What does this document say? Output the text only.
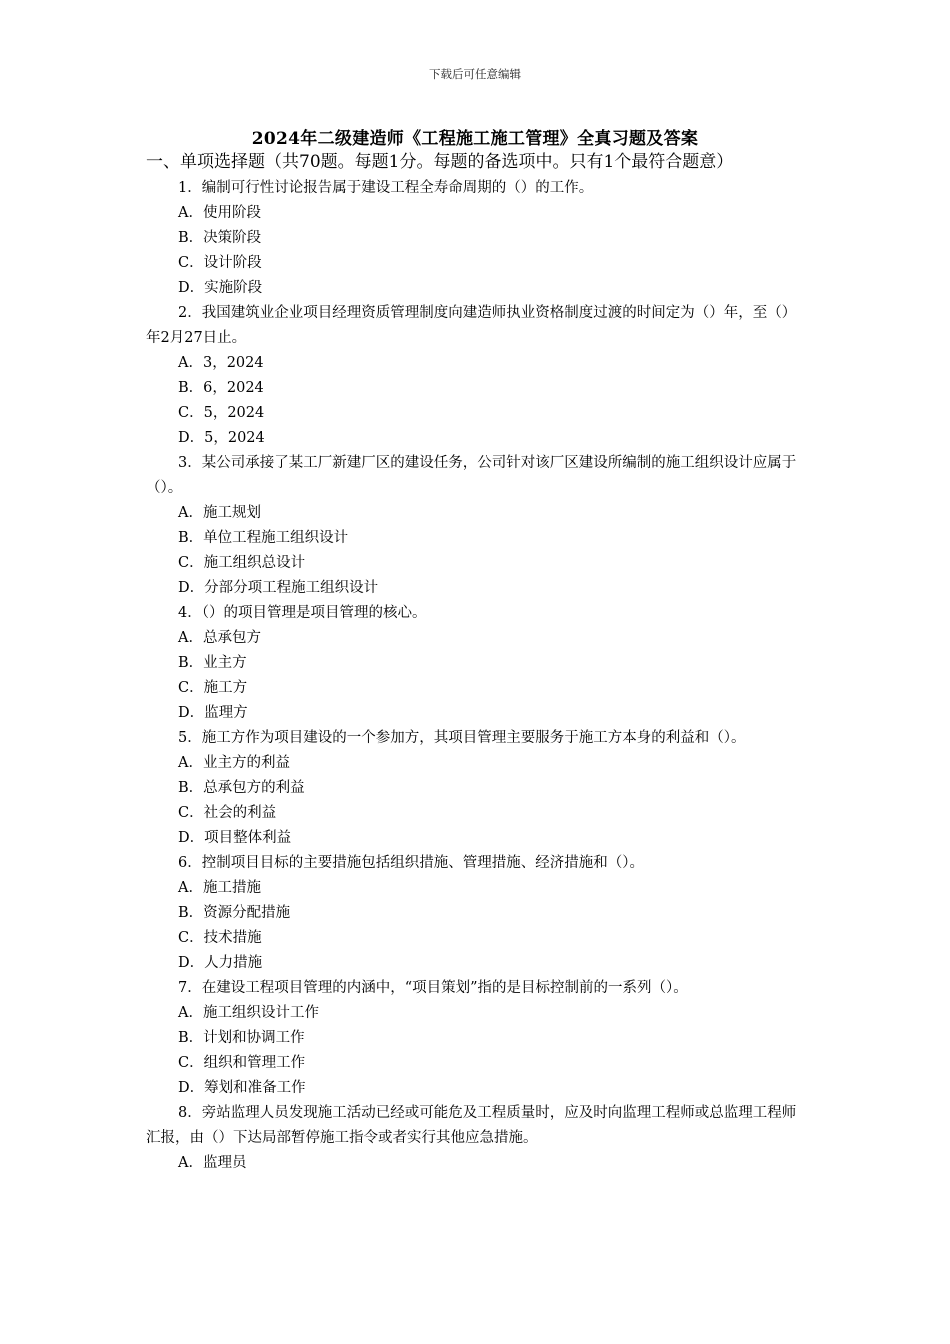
下载后可任意编辑
2024年二级建造师《工程施工施工管理》全真习题及答案

一、单项选择题（共70题。每题1分。每题的备选项中。只有1个最符合题意）

1．编制可行性讨论报告属于建设工程全寿命周期的（）的工作。

A．使用阶段

B．决策阶段

C．设计阶段

D．实施阶段

2．我国建筑业企业项目经理资质管理制度向建造师执业资格制度过渡的时间定为（）年，至（）年2月27日止。

A．3，2024

B．6，2024

C．5，2024

D．5，2024

3．某公司承接了某工厂新建厂区的建设任务，公司针对该厂区建设所编制的施工组织设计应属于（）。

A．施工规划

B．单位工程施工组织设计

C．施工组织总设计

D．分部分项工程施工组织设计

4．（）的项目管理是项目管理的核心。

A．总承包方

B．业主方

C．施工方

D．监理方

5．施工方作为项目建设的一个参加方，其项目管理主要服务于施工方本身的利益和（）。

A．业主方的利益

B．总承包方的利益

C．社会的利益

D．项目整体利益

6．控制项目目标的主要措施包括组织措施、管理措施、经济措施和（）。

A．施工措施

B．资源分配措施

C．技术措施

D．人力措施

7．在建设工程项目管理的内涵中，“项目策划”指的是目标控制前的一系列（）。

A．施工组织设计工作

B．计划和协调工作

C．组织和管理工作

D．筹划和准备工作

8．旁站监理人员发现施工活动已经或可能危及工程质量时，应及时向监理工程师或总监理工程师汇报，由（）下达局部暂停施工指令或者实行其他应急措施。

A．监理员
